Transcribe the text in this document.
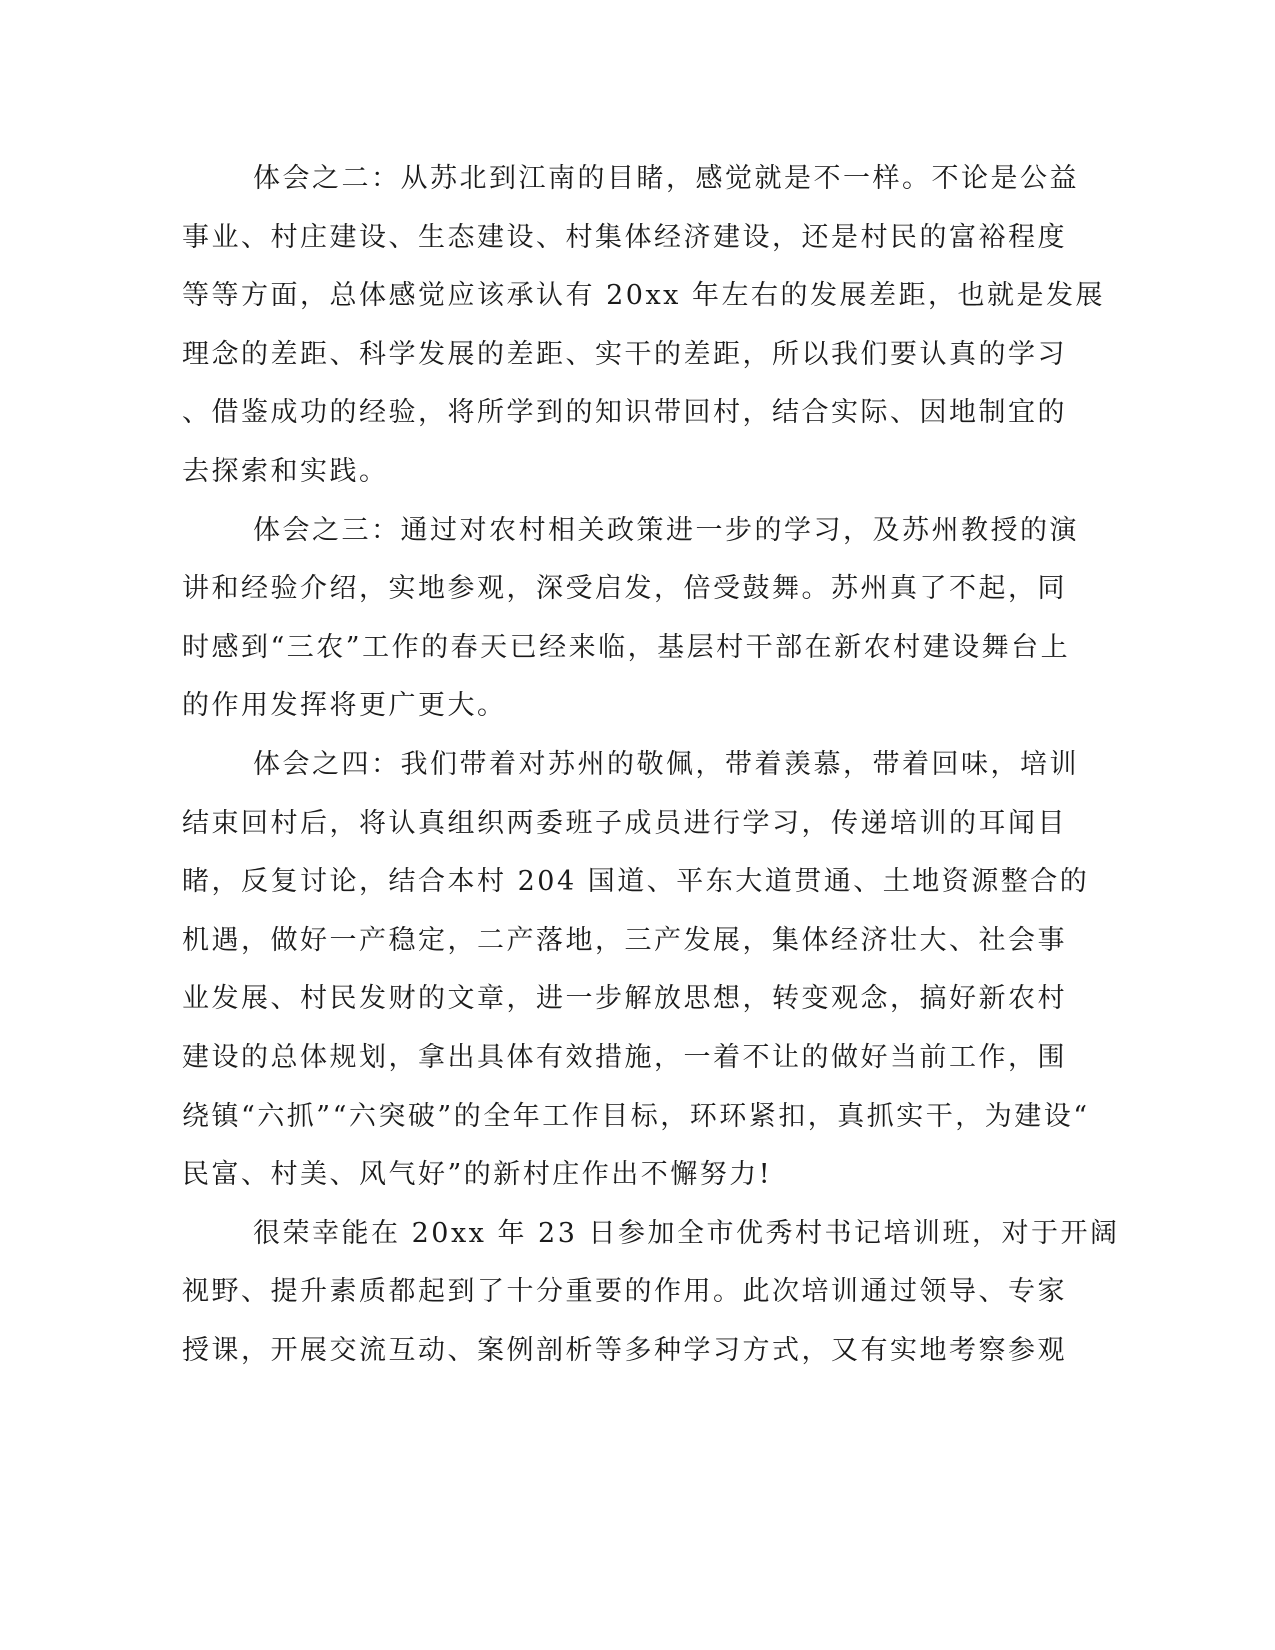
体会之二：从苏北到江南的目睹，感觉就是不一样。不论是公益
事业、村庄建设、生态建设、村集体经济建设，还是村民的富裕程度
等等方面，总体感觉应该承认有 20xx 年左右的发展差距，也就是发展
理念的差距、科学发展的差距、实干的差距，所以我们要认真的学习
、借鉴成功的经验，将所学到的知识带回村，结合实际、因地制宜的
去探索和实践。
体会之三：通过对农村相关政策进一步的学习，及苏州教授的演
讲和经验介绍，实地参观，深受启发，倍受鼓舞。苏州真了不起，同
时感到“三农”工作的春天已经来临，基层村干部在新农村建设舞台上
的作用发挥将更广更大。
体会之四：我们带着对苏州的敬佩，带着羡慕，带着回味，培训
结束回村后，将认真组织两委班子成员进行学习，传递培训的耳闻目
睹，反复讨论，结合本村 204 国道、平东大道贯通、土地资源整合的
机遇，做好一产稳定，二产落地，三产发展，集体经济壮大、社会事
业发展、村民发财的文章，进一步解放思想，转变观念，搞好新农村
建设的总体规划，拿出具体有效措施，一着不让的做好当前工作，围
绕镇“六抓”“六突破”的全年工作目标，环环紧扣，真抓实干，为建设“
民富、村美、风气好”的新村庄作出不懈努力!
很荣幸能在 20xx 年 23 日参加全市优秀村书记培训班，对于开阔
视野、提升素质都起到了十分重要的作用。此次培训通过领导、专家
授课，开展交流互动、案例剖析等多种学习方式，又有实地考察参观
